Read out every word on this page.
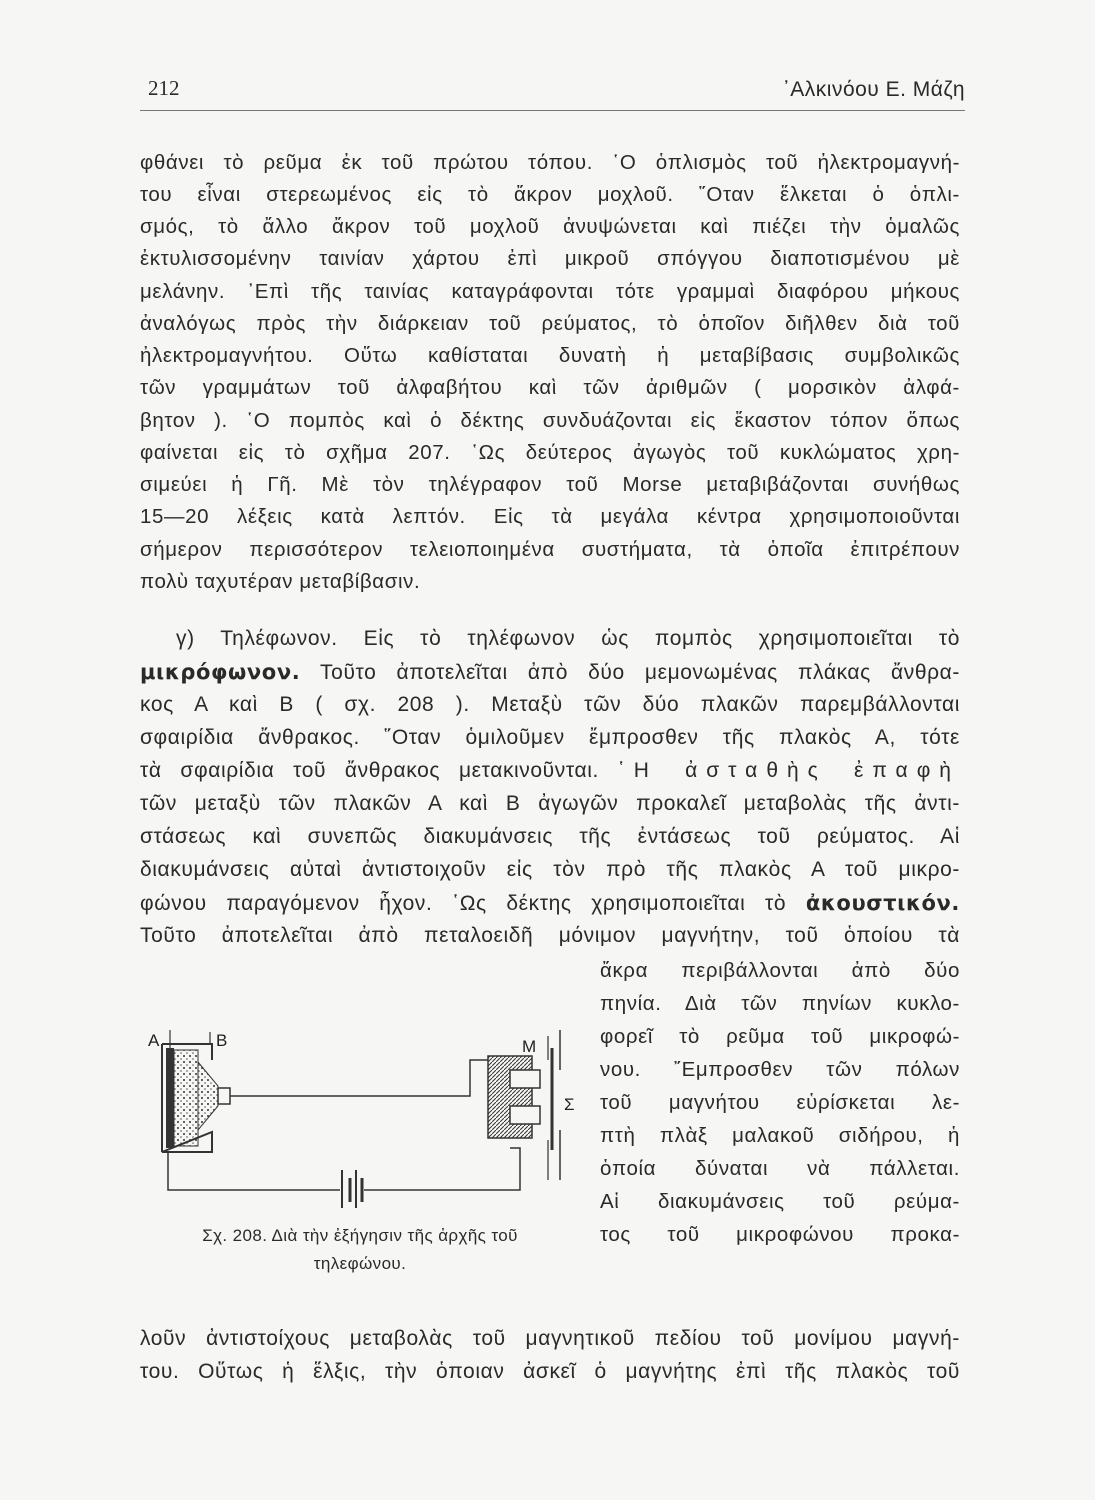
212	᾿Αλκινόου Ε. Μάζη
φθάνει τὸ ρεῦμα ἐκ τοῦ πρώτου τόπου. ῾Ο ὁπλισμὸς τοῦ ἠλεκτρομαγνή-
του εἶναι στερεωμένος εἰς τὸ ἄκρον μοχλοῦ. ῞Οταν ἕλκεται ὁ ὁπλι-
σμός, τὸ ἄλλο ἄκρον τοῦ μοχλοῦ ἀνυψώνεται καὶ πιέζει τὴν ὁμαλῶς
ἐκτυλισσομένην ταινίαν χάρτου ἐπὶ μικροῦ σπόγγου διαποτισμένου μὲ
μελάνην. ᾿Επὶ τῆς ταινίας καταγράφονται τότε γραμμαὶ διαφόρου μήκους
ἀναλόγως πρὸς τὴν διάρκειαν τοῦ ρεύματος, τὸ ὁποῖον διῆλθεν διὰ τοῦ
ἠλεκτρομαγνήτου. Οὕτω καθίσταται δυνατὴ ἡ μεταβίβασις συμβολικῶς
τῶν γραμμάτων τοῦ ἀλφαβήτου καὶ τῶν ἀριθμῶν ( μορσικὸν ἀλφά-
βητον ). ῾Ο πομπὸς καὶ ὁ δέκτης συνδυάζονται εἰς ἕκαστον τόπον ὅπως
φαίνεται εἰς τὸ σχῆμα 207. ῾Ως δεύτερος ἀγωγὸς τοῦ κυκλώματος χρη-
σιμεύει ἡ Γῆ. Μὲ τὸν τηλέγραφον τοῦ Morse μεταβιβάζονται συνήθως
15—20 λέξεις κατὰ λεπτόν. Εἰς τὰ μεγάλα κέντρα χρησιμοποιοῦνται
σήμερον περισσότερον τελειοποιημένα συστήματα, τὰ ὁποῖα ἐπιτρέπουν
πολὺ ταχυτέραν μεταβίβασιν.
γ) Τηλέφωνον. Εἰς τὸ τηλέφωνον ὡς πομπὸς χρησιμοποιεῖται τὸ
μικρόφωνον. Τοῦτο ἀποτελεῖται ἀπὸ δύο μεμονωμένας πλάκας ἄνθρα-
κος Α καὶ Β ( σχ. 208 ). Μεταξὺ τῶν δύο πλακῶν παρεμβάλλονται
σφαιρίδια ἄνθρακος. ῞Οταν ὁμιλοῦμεν ἔμπροσθεν τῆς πλακὸς Α, τότε
τὰ σφαιρίδια τοῦ ἄνθρακος μετακινοῦνται. ῾Η ἀσταθὴς ἐπαφὴ
τῶν μεταξὺ τῶν πλακῶν Α καὶ Β ἀγωγῶν προκαλεῖ μεταβολὰς τῆς ἀντι-
στάσεως καὶ συνεπῶς διακυμάνσεις τῆς ἐντάσεως τοῦ ρεύματος. Αἱ
διακυμάνσεις αὐταὶ ἀντιστοιχοῦν εἰς τὸν πρὸ τῆς πλακὸς Α τοῦ μικρο-
φώνου παραγόμενον ἦχον. ῾Ως δέκτης χρησιμοποιεῖται τὸ ἀκουστικόν.
Τοῦτο ἀποτελεῖται ἀπὸ πεταλοειδῆ μόνιμον μαγνήτην, τοῦ ὁποίου τὰ
ἄκρα περιβάλλονται ἀπὸ δύο
πηνία. Διὰ τῶν πηνίων κυκλο-
φορεῖ τὸ ρεῦμα τοῦ μικροφώ-
νου. ῎Εμπροσθεν τῶν πόλων
τοῦ μαγνήτου εὑρίσκεται λε-
πτὴ πλὰξ μαλακοῦ σιδήρου, ἡ
ὁποία δύναται νὰ πάλλεται.
Αἱ διακυμάνσεις τοῦ ρεύμα-
τος τοῦ μικροφώνου προκα-
Α	Β	Μ
Σ
Σχ. 208. Διὰ τὴν ἐξήγησιν τῆς ἀρχῆς τοῦ
τηλεφώνου.
λοῦν ἀντιστοίχους μεταβολὰς τοῦ μαγνητικοῦ πεδίου τοῦ μονίμου μαγνή-
του. Οὕτως ἡ ἕλξις, τὴν ὁποιαν ἀσκεῖ ὁ μαγνήτης ἐπὶ τῆς πλακὸς τοῦ
